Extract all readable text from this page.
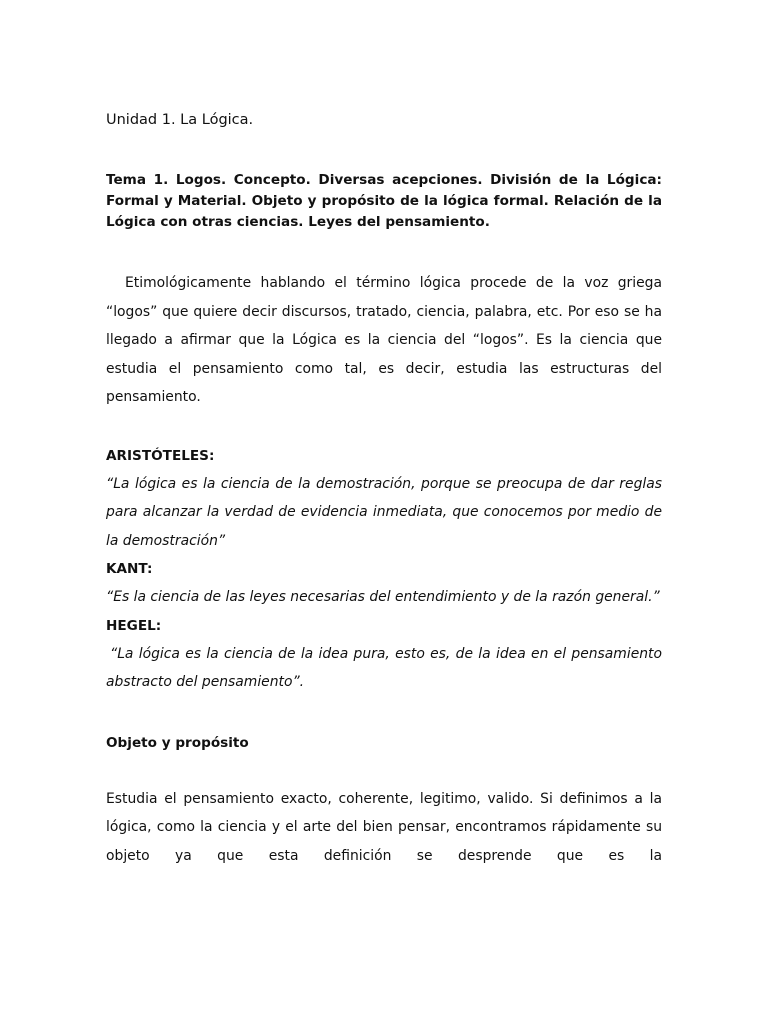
Unidad 1. La Lógica.

Tema 1. Logos. Concepto. Diversas acepciones. División de la Lógica: Formal y Material. Objeto y propósito de la lógica formal. Relación de la Lógica con otras ciencias. Leyes del pensamiento.

Etimológicamente hablando el término lógica procede de la voz griega “logos” que quiere decir discursos, tratado, ciencia, palabra, etc. Por eso se ha llegado a afirmar que la Lógica es la ciencia del “logos”. Es la ciencia que estudia el pensamiento como tal, es decir, estudia las estructuras del pensamiento.

ARISTÓTELES:

“La lógica es la ciencia de la demostración, porque se preocupa de dar reglas para alcanzar la verdad de evidencia inmediata, que conocemos por medio de la demostración”

KANT:

“Es la ciencia de las leyes necesarias del entendimiento y de la razón general.”

HEGEL:

“La lógica es la ciencia de la idea pura, esto es, de la idea en el pensamiento abstracto del pensamiento”.

Objeto y propósito

Estudia el pensamiento exacto, coherente, legitimo, valido. Si definimos a la lógica, como la ciencia y el arte del bien pensar, encontramos rápidamente su objeto ya que esta definición se desprende que es la
